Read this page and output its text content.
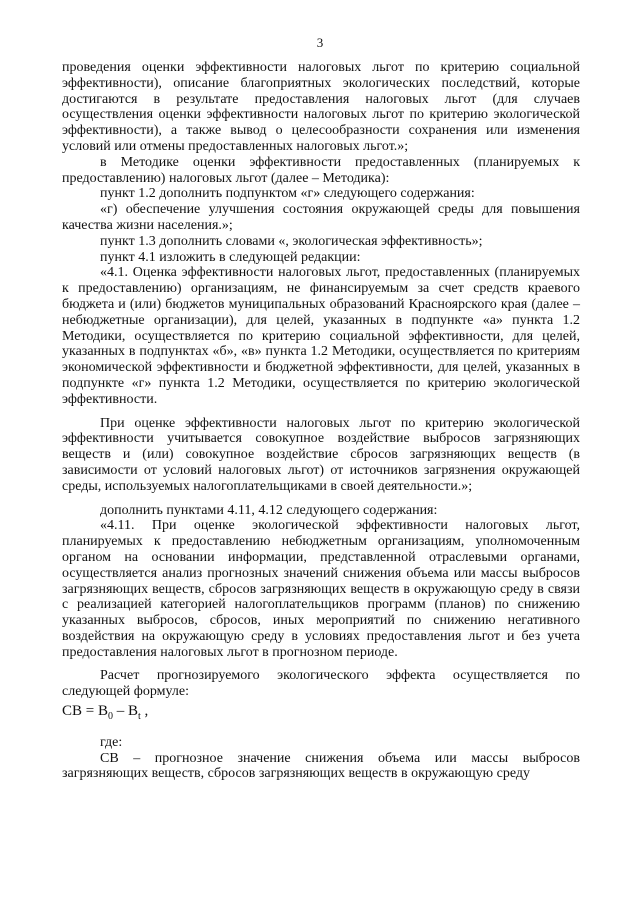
3

проведения оценки эффективности налоговых льгот по критерию социальной эффективности), описание благоприятных экологических последствий, которые достигаются в результате предоставления налоговых льгот (для случаев осуществления оценки эффективности налоговых льгот по критерию экологической эффективности), а также вывод о целесообразности сохранения или изменения условий или отмены предоставленных налоговых льгот.»;

в Методике оценки эффективности предоставленных (планируемых к предоставлению) налоговых льгот (далее – Методика):

пункт 1.2 дополнить подпунктом «г» следующего содержания:

«г) обеспечение улучшения состояния окружающей среды для повышения качества жизни населения.»;

пункт 1.3 дополнить словами «, экологическая эффективность»;

пункт 4.1 изложить в следующей редакции:

«4.1. Оценка эффективности налоговых льгот, предоставленных (планируемых к предоставлению) организациям, не финансируемым за счет средств краевого бюджета и (или) бюджетов муниципальных образований Красноярского края (далее – небюджетные организации), для целей, указанных в подпункте «а» пункта 1.2 Методики, осуществляется по критерию социальной эффективности, для целей, указанных в подпунктах «б», «в» пункта 1.2 Методики, осуществляется по критериям экономической эффективности и бюджетной эффективности, для целей, указанных в подпункте «г» пункта 1.2 Методики, осуществляется по критерию экологической эффективности.

При оценке эффективности налоговых льгот по критерию экологической эффективности учитывается совокупное воздействие выбросов загрязняющих веществ и (или) совокупное воздействие сбросов загрязняющих веществ (в зависимости от условий налоговых льгот) от источников загрязнения окружающей среды, используемых налогоплательщиками в своей деятельности.»;

дополнить пунктами 4.11, 4.12 следующего содержания:

«4.11. При оценке экологической эффективности налоговых льгот, планируемых к предоставлению небюджетным организациям, уполномоченным органом на основании информации, представленной отраслевыми органами, осуществляется анализ прогнозных значений снижения объема или массы выбросов загрязняющих веществ, сбросов загрязняющих веществ в окружающую среду в связи с реализацией категорией налогоплательщиков программ (планов) по снижению указанных выбросов, сбросов, иных мероприятий по снижению негативного воздействия на окружающую среду в условиях предоставления льгот и без учета предоставления налоговых льгот в прогнозном периоде.

Расчет прогнозируемого экологического эффекта осуществляется по следующей формуле:

СВ = $В_0 - В_t$ ,

где:

СВ – прогнозное значение снижения объема или массы выбросов загрязняющих веществ, сбросов загрязняющих веществ в окружающую среду
